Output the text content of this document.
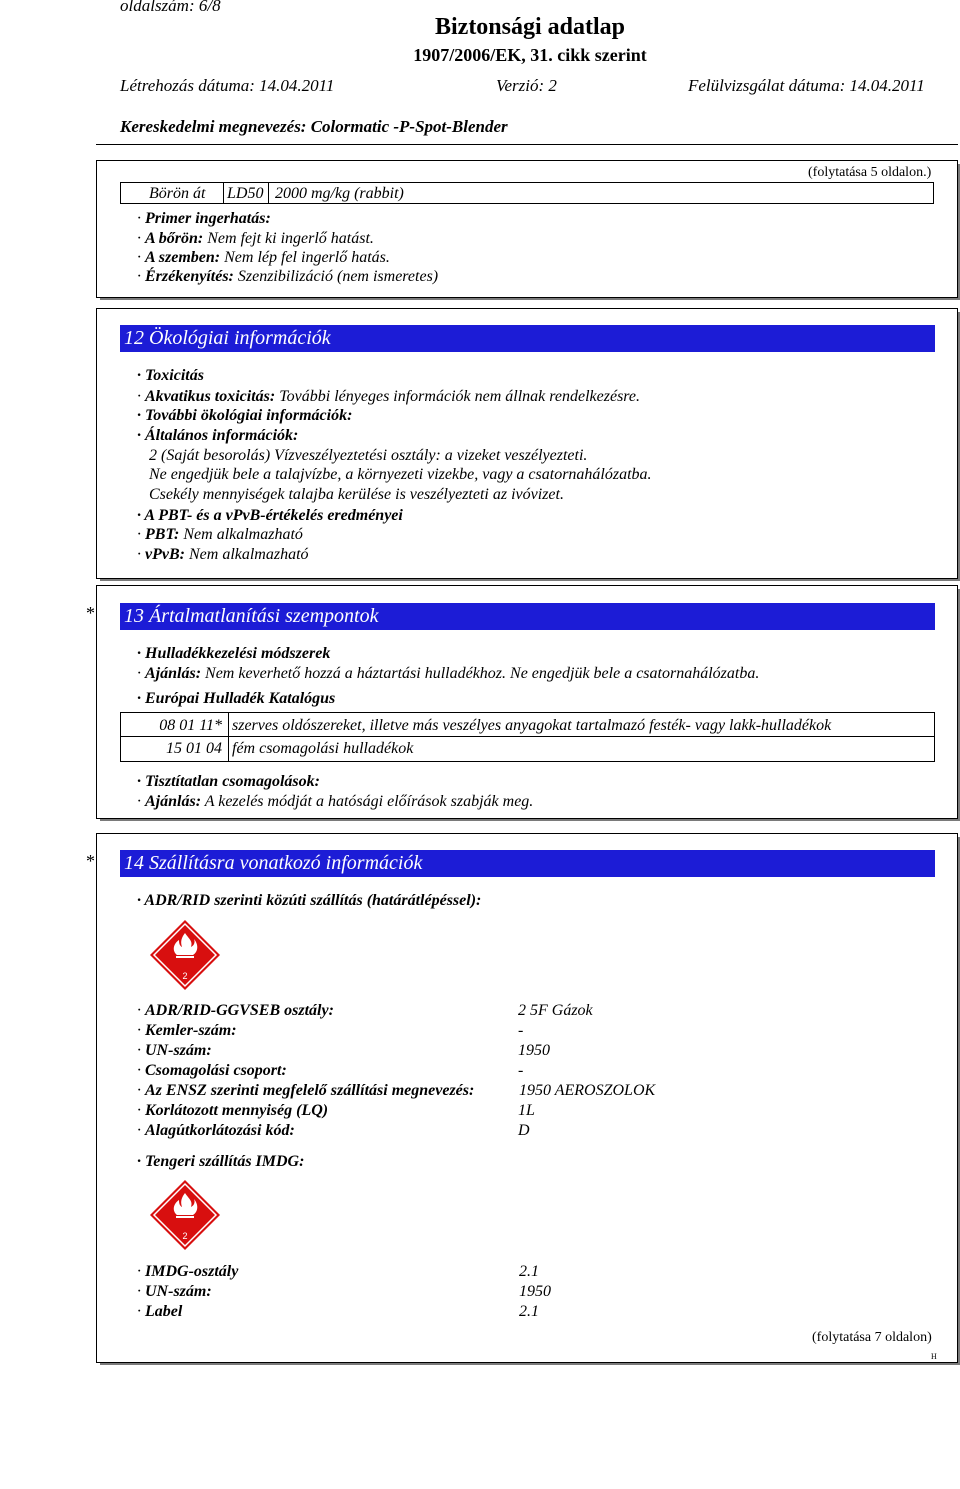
oldalszám: 6/8
Biztonsági adatlap
1907/2006/EK, 31. cikk szerint
Létrehozás dátuma: 14.04.2011	Verzió: 2	Felülvizsgálat dátuma: 14.04.2011
Kereskedelmi megnevezés: Colormatic -P-Spot-Blender
(folytatása 5 oldalon.)
Börön át	LD50 2000 mg/kg (rabbit)
· Primer ingerhatás:
· A bőrön: Nem fejt ki ingerlő hatást.
· A szemben: Nem lép fel ingerlő hatás.
· Érzékenyítés: Szenzibilizáció (nem ismeretes)
12 Ökológiai információk
· Toxicitás
· Akvatikus toxicitás: További lényeges információk nem állnak rendelkezésre.
· További ökológiai információk:
· Általános információk:
2 (Saját besorolás) Vízveszélyeztetési osztály: a vizeket veszélyezteti.
Ne engedjük bele a talajvízbe, a környezeti vizekbe, vagy a csatornahálózatba.
Csekély mennyiségek talajba kerülése is veszélyezteti az ivóvizet.
· A PBT- és a vPvB-értékelés eredményei
· PBT: Nem alkalmazható
· vPvB: Nem alkalmazható
* 13 Ártalmatlanítási szempontok
· Hulladékkezelési módszerek
· Ajánlás: Nem keverhető hozzá a háztartási hulladékhoz. Ne engedjük bele a csatornahálózatba.
· Európai Hulladék Katalógus
08 01 11* szerves oldószereket, illetve más veszélyes anyagokat tartalmazó festék- vagy lakk-hulladékok
15 01 04 fém csomagolási hulladékok
· Tisztítatlan csomagolások:
· Ajánlás: A kezelés módját a hatósági előírások szabják meg.
* 14 Szállításra vonatkozó információk
· ADR/RID szerinti közúti szállítás (határátlépéssel):
2
· ADR/RID-GGVSEB osztály:	2 5F Gázok
· Kemler-szám:	-
· UN-szám:	1950
· Csomagolási csoport:	-
· Az ENSZ szerinti megfelelő szállítási megnevezés:	1950 AEROSZOLOK
· Korlátozott mennyiség (LQ)	1L
· Alagútkorlátozási kód:	D
· Tengeri szállítás IMDG:
2
· IMDG-osztály	2.1
· UN-szám:	1950
· Label	2.1
(folytatása 7 oldalon)
H
